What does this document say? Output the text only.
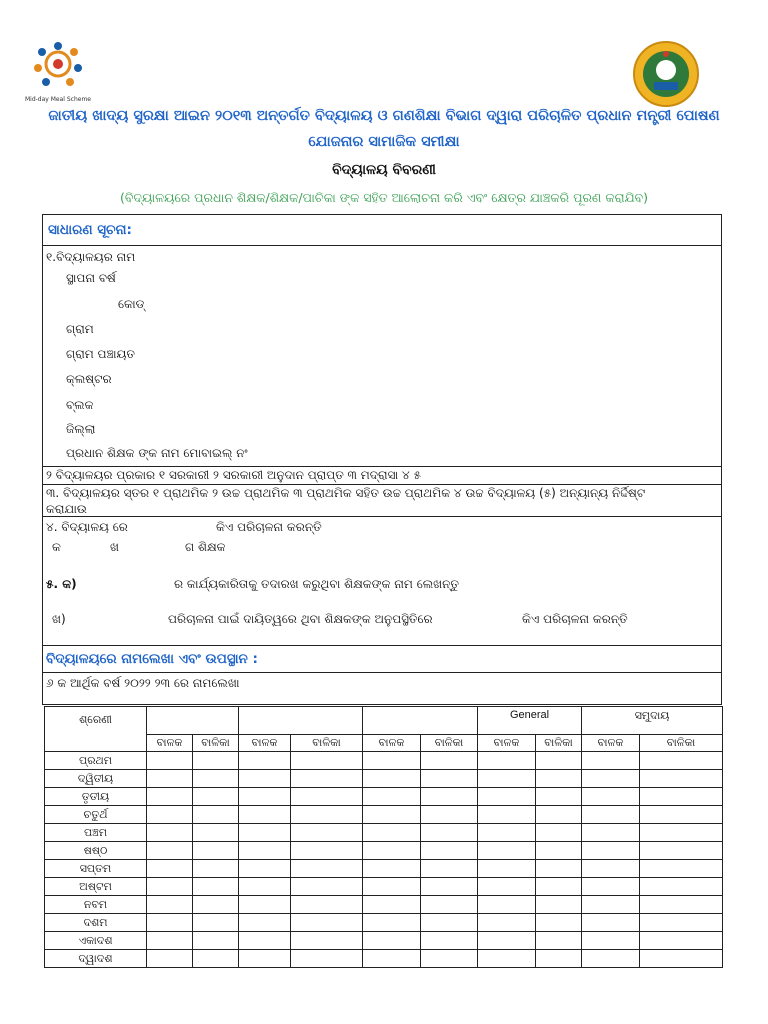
Mid-day Meal Scheme
ଜାତୀୟ ଖାଦ୍ୟ ସୁରକ୍ଷା ଆଇନ ୨୦୧୩ ଅନ୍ତର୍ଗତ ବିଦ୍ୟାଳୟ ଓ ଗଣଶିକ୍ଷା ବିଭାଗ ଦ୍ୱାରା ପରିଚାଳିତ ପ୍ରଧାନ ମନ୍ତ୍ରୀ ପୋଷଣ
ଯୋଜନାର ସାମାଜିକ ସମୀକ୍ଷା
ବିଦ୍ୟାଳୟ ବିବରଣୀ
(ବିଦ୍ୟାଳୟରେ ପ୍ରଧାନ ଶିକ୍ଷକ/ଶିକ୍ଷକ/ପାଚିକା ଙ୍କ ସହିତ ଆଲୋଚନା କରି ଏବଂ କ୍ଷେତ୍ର ଯାଞ୍ଚକରି ପୂରଣ କରାଯିବ)
ସାଧାରଣ ସୂଚନା:
୧.ବିଦ୍ୟାଳୟର ନାମ
ସ୍ଥାପନା ବର୍ଷ
କୋଡ୍
ଗ୍ରାମ
ଗ୍ରାମ ପଞ୍ଚାୟତ
କ୍ଲଷ୍ଟର
ବ୍ଲକ
ଜିଲ୍ଲା
ପ୍ରଧାନ ଶିକ୍ଷକ ଙ୍କ ନାମ ମୋବାଇଲ୍ ନଂ
୨ ବିଦ୍ୟାଳୟର ପ୍ରକାର ୧ ସରକାରୀ ୨ ସରକାରୀ ଅନୁଦାନ ପ୍ରାପ୍ତ ୩ ମଦ୍ରାସା ୪ ୫
୩. ବିଦ୍ୟାଳୟର ସ୍ତର ୧ ପ୍ରାଥମିକ ୨ ଉଚ୍ଚ ପ୍ରାଥମିକ ୩ ପ୍ରାଥମିକ ସହିତ ଉଚ୍ଚ ପ୍ରାଥମିକ ୪ ଉଚ୍ଚ ବିଦ୍ୟାଳୟ (୫) ଅନ୍ୟାନ୍ୟ ନିର୍ଦ୍ଦିଷ୍ଟ
କରାଯାଉ
୪. ବିଦ୍ୟାଳୟ ରେ	କିଏ ପରିଚାଳନା କରନ୍ତି
କ	ଖ	ଗ ଶିକ୍ଷକ
୫. କ)	ର କାର୍ଯ୍ୟକାରିତାକୁ ତଦାରଖ କରୁଥିବା ଶିକ୍ଷକଙ୍କ ନାମ ଲେଖନ୍ତୁ
ଖ)	ପରିଚାଳନା ପାଇଁ ଦାୟିତ୍ୱରେ ଥିବା ଶିକ୍ଷକଙ୍କ ଅନୁପସ୍ଥିତିରେ	କିଏ ପରିଚାଳନା କରନ୍ତି
ବିଦ୍ୟାଳୟରେ ନାମଲେଖା ଏବଂ ଉପସ୍ଥାନ :
୬ କ ଆର୍ଥିକ ବର୍ଷ ୨୦୨୨ ୨୩ ରେ ନାମଲେଖା
ଶ୍ରେଣୀ							General		ସମୁଦାୟ	
	ବାଳକ	ବାଳିକା	ବାଳକ	ବାଳିକା	ବାଳକ	ବାଳିକା	ବାଳକ	ବାଳିକା	ବାଳକ	ବାଳିକା
ପ୍ରଥମ										
ଦ୍ୱିତୀୟ										
ତୃତୀୟ										
ଚତୁର୍ଥ										
ପଞ୍ଚମ										
ଷଷ୍ଠ										
ସପ୍ତମ										
ଅଷ୍ଟମ										
ନବମ										
ଦଶମ										
ଏକାଦଶ										
ଦ୍ୱାଦଶ										
